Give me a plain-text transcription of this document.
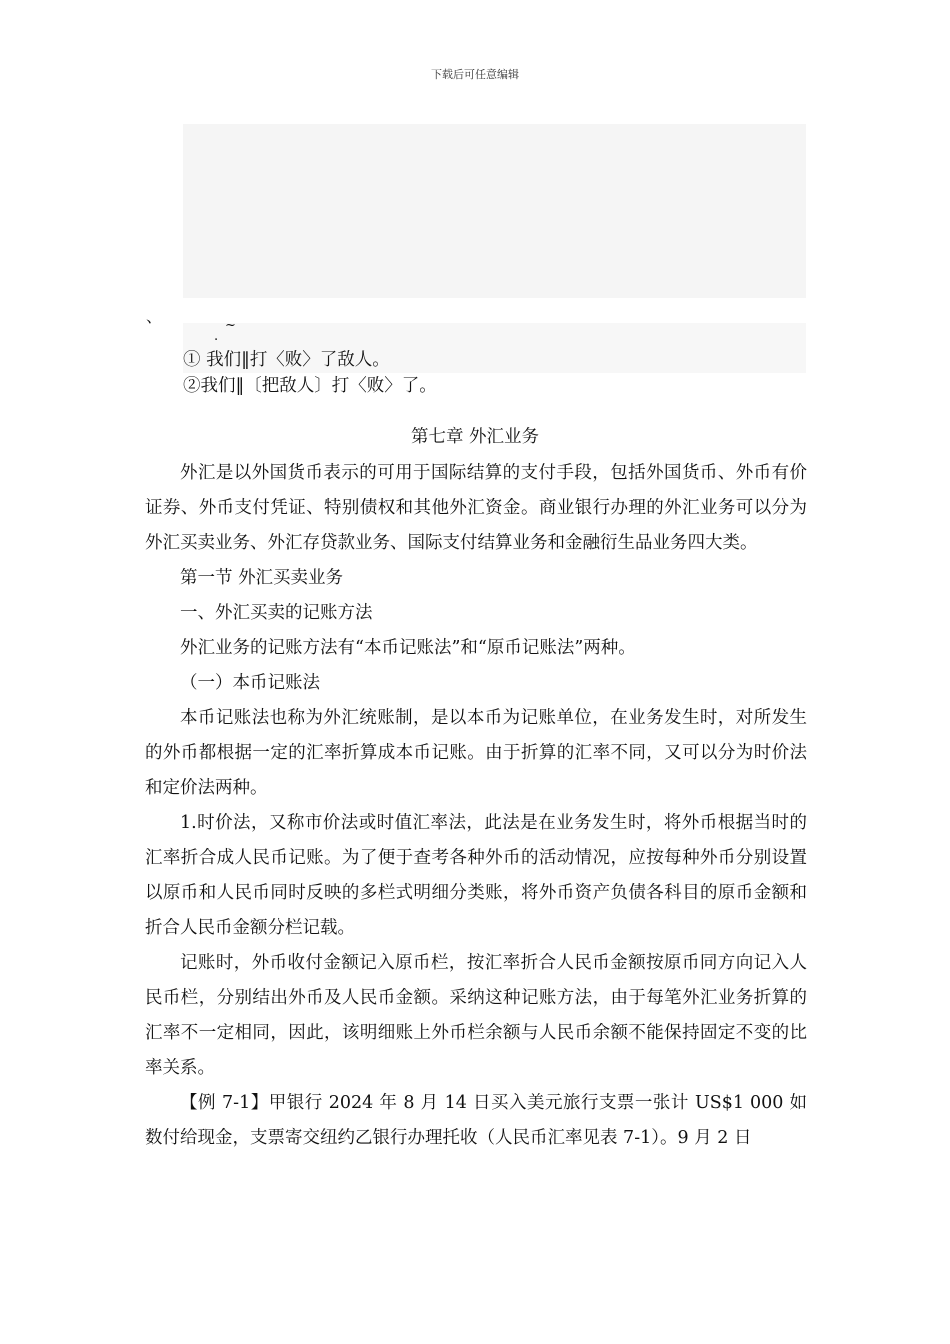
下载后可任意编辑
、	~
.
① 我们‖打〈败〉了敌人。
②我们‖〔把敌人〕打〈败〉了。
第七章 外汇业务

外汇是以外国货币表示的可用于国际结算的支付手段，包括外国货币、外币有价证券、外币支付凭证、特别债权和其他外汇资金。商业银行办理的外汇业务可以分为外汇买卖业务、外汇存贷款业务、国际支付结算业务和金融衍生品业务四大类。

第一节 外汇买卖业务

一、外汇买卖的记账方法

外汇业务的记账方法有“本币记账法”和“原币记账法”两种。

（一）本币记账法

本币记账法也称为外汇统账制，是以本币为记账单位，在业务发生时，对所发生的外币都根据一定的汇率折算成本币记账。由于折算的汇率不同，又可以分为时价法和定价法两种。

1.时价法，又称市价法或时值汇率法，此法是在业务发生时，将外币根据当时的汇率折合成人民币记账。为了便于查考各种外币的活动情况，应按每种外币分别设置以原币和人民币同时反映的多栏式明细分类账，将外币资产负债各科目的原币金额和折合人民币金额分栏记载。

记账时，外币收付金额记入原币栏，按汇率折合人民币金额按原币同方向记入人民币栏，分别结出外币及人民币金额。采纳这种记账方法，由于每笔外汇业务折算的汇率不一定相同，因此，该明细账上外币栏余额与人民币余额不能保持固定不变的比率关系。

【例 7-1】甲银行 2024 年 8 月 14 日买入美元旅行支票一张计 US$1 000 如数付给现金，支票寄交纽约乙银行办理托收（人民币汇率见表 7-1）。9 月 2 日
